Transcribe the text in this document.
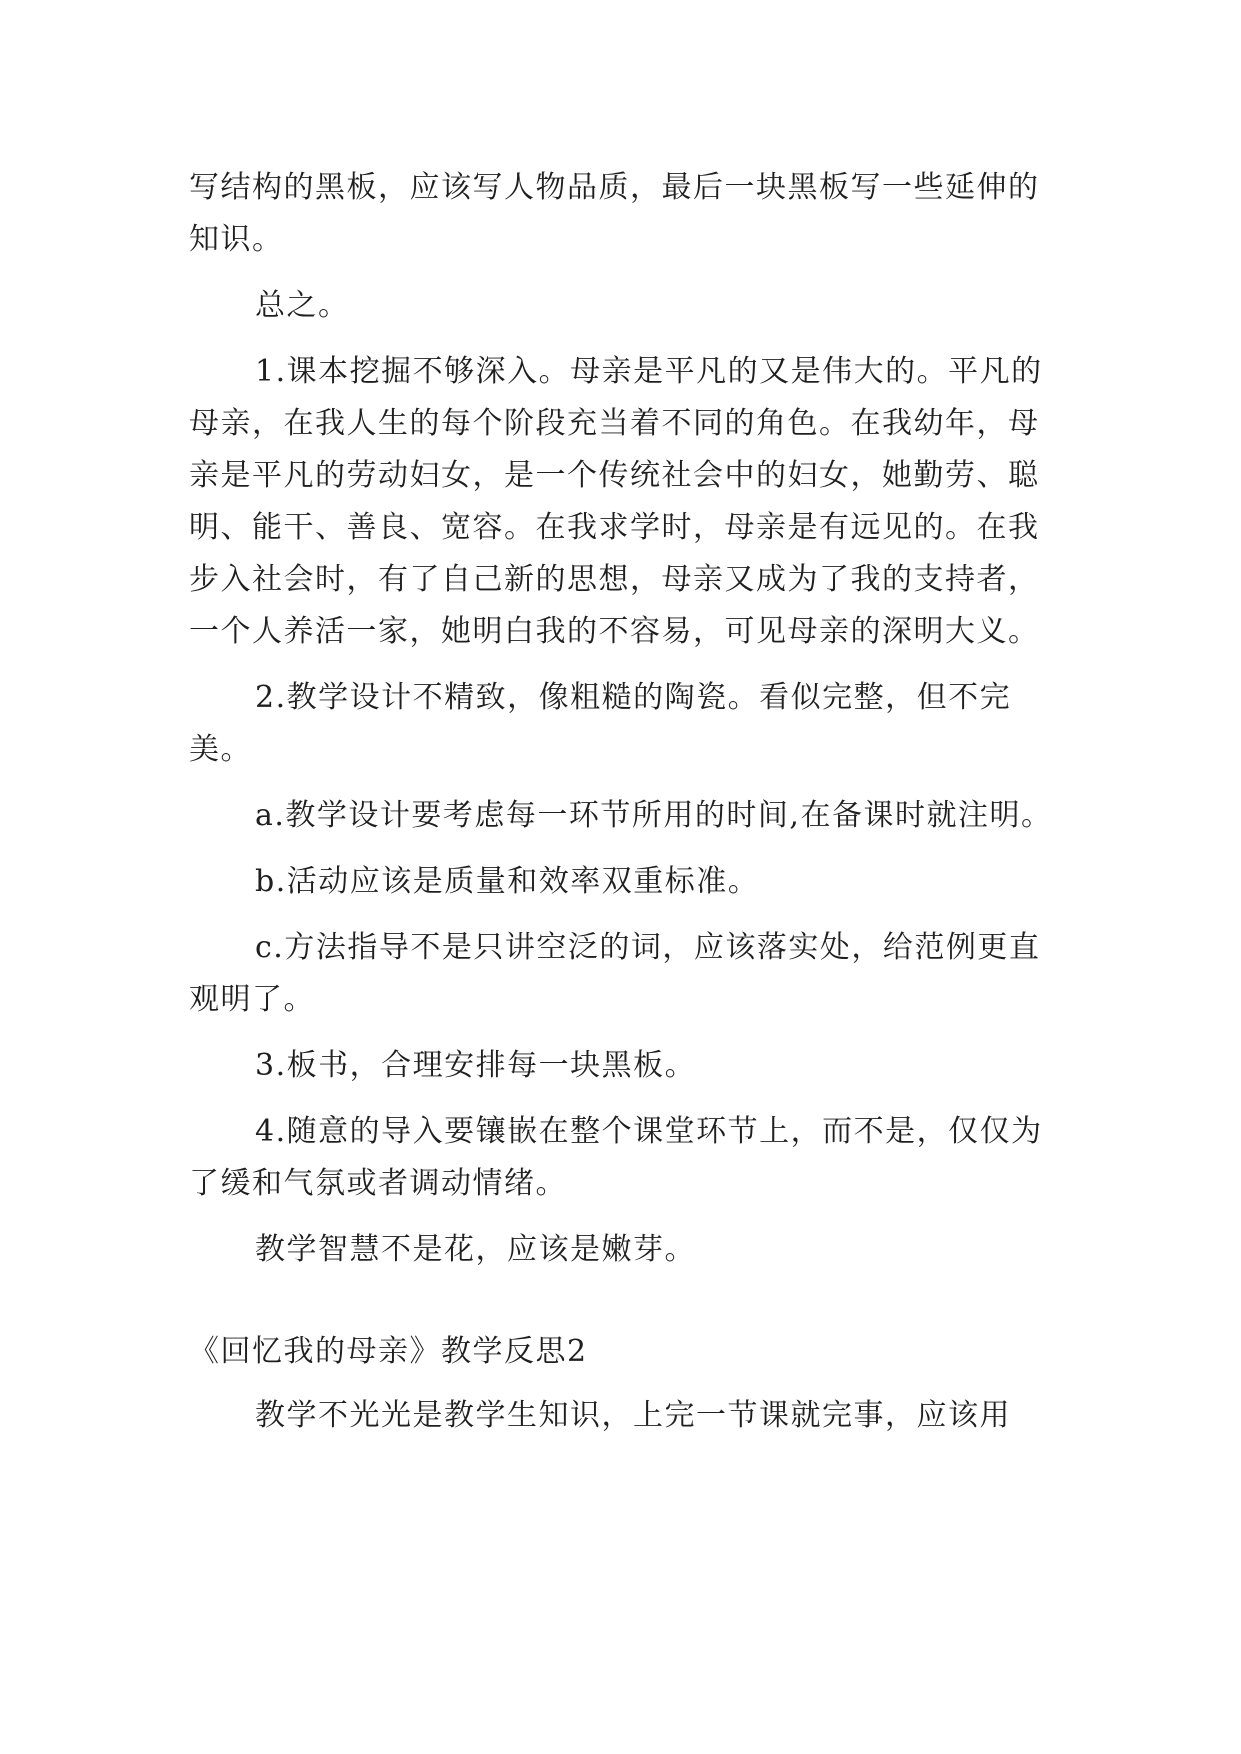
写结构的黑板，应该写人物品质，最后一块黑板写一些延伸的知识。

总之。

1.课本挖掘不够深入。母亲是平凡的又是伟大的。平凡的母亲，在我人生的每个阶段充当着不同的角色。在我幼年，母亲是平凡的劳动妇女，是一个传统社会中的妇女，她勤劳、聪明、能干、善良、宽容。在我求学时，母亲是有远见的。在我步入社会时，有了自己新的思想，母亲又成为了我的支持者，一个人养活一家，她明白我的不容易，可见母亲的深明大义。

2.教学设计不精致，像粗糙的陶瓷。看似完整，但不完美。

a.教学设计要考虑每一环节所用的时间,在备课时就注明。

b.活动应该是质量和效率双重标准。

c.方法指导不是只讲空泛的词，应该落实处，给范例更直观明了。

3.板书，合理安排每一块黑板。

4.随意的导入要镶嵌在整个课堂环节上，而不是，仅仅为了缓和气氛或者调动情绪。

教学智慧不是花，应该是嫩芽。

《回忆我的母亲》教学反思2

教学不光光是教学生知识，上完一节课就完事，应该用
